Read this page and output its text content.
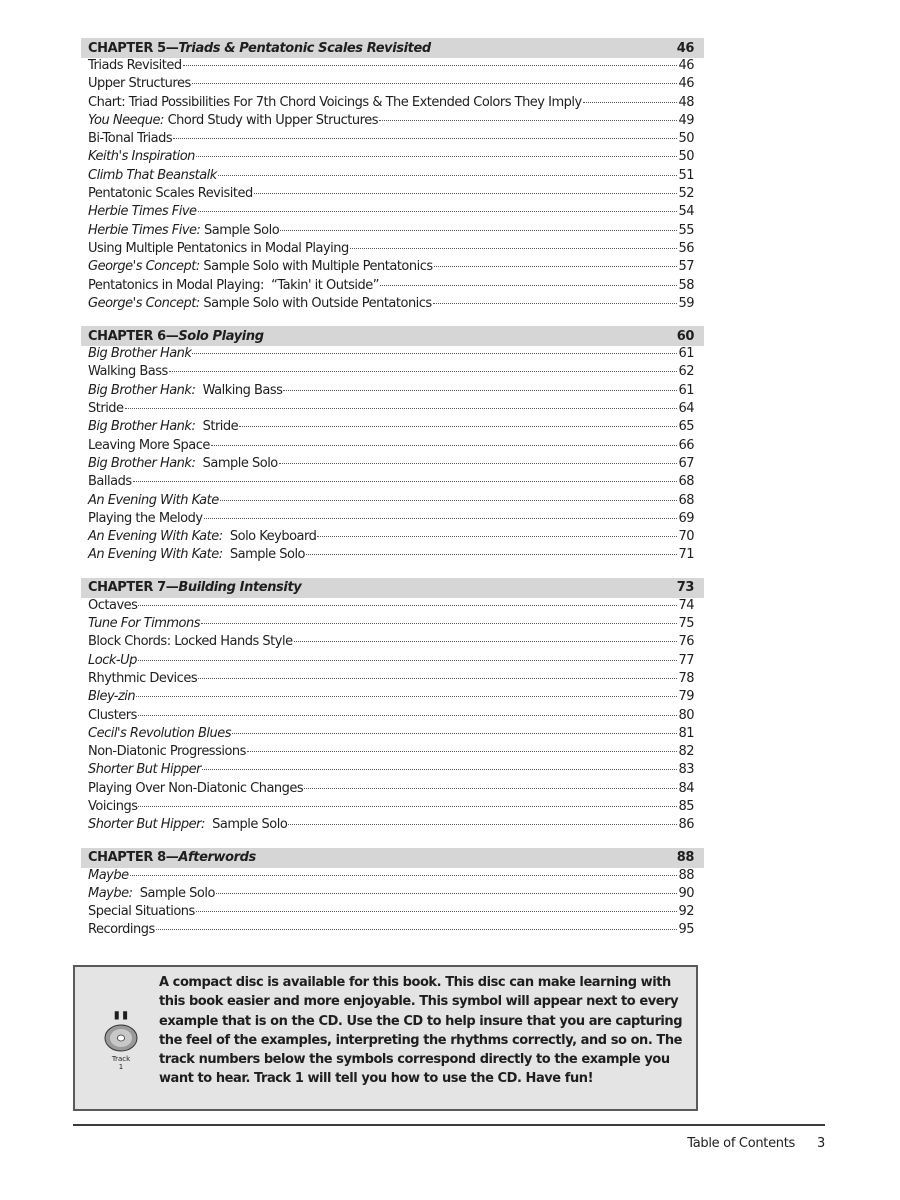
CHAPTER 5—Triads & Pentatonic Scales Revisited	46
Triads Revisited	46
Upper Structures	46
Chart: Triad Possibilities For 7th Chord Voicings & The Extended Colors They Imply	48
You Neeque: Chord Study with Upper Structures	49
Bi-Tonal Triads	50
Keith's Inspiration	50
Climb That Beanstalk	51
Pentatonic Scales Revisited	52
Herbie Times Five	54
Herbie Times Five: Sample Solo	55
Using Multiple Pentatonics in Modal Playing	56
George's Concept: Sample Solo with Multiple Pentatonics	57
Pentatonics in Modal Playing:  “Takin' it Outside”	58
George's Concept: Sample Solo with Outside Pentatonics	59
CHAPTER 6—Solo Playing	60
Big Brother Hank	61
Walking Bass	62
Big Brother Hank:  Walking Bass	61
Stride	64
Big Brother Hank:  Stride	65
Leaving More Space	66
Big Brother Hank:  Sample Solo	67
Ballads	68
An Evening With Kate	68
Playing the Melody	69
An Evening With Kate:  Solo Keyboard	70
An Evening With Kate:  Sample Solo	71
CHAPTER 7—Building Intensity	73
Octaves	74
Tune For Timmons	75
Block Chords: Locked Hands Style	76
Lock-Up	77
Rhythmic Devices	78
Bley-zin	79
Clusters	80
Cecil's Revolution Blues	81
Non-Diatonic Progressions	82
Shorter But Hipper	83
Playing Over Non-Diatonic Changes	84
Voicings	85
Shorter But Hipper:  Sample Solo	86
CHAPTER 8—Afterwords	88
Maybe	88
Maybe:  Sample Solo	90
Special Situations	92
Recordings	95
▮▮
Track
1
A compact disc is available for this book. This disc can make learning with this book easier and more enjoyable. This symbol will appear next to every example that is on the CD. Use the CD to help insure that you are capturing the feel of the examples, interpreting the rhythms correctly, and so on. The track numbers below the symbols correspond directly to the example you want to hear. Track 1 will tell you how to use the CD. Have fun!
Table of Contents 3
